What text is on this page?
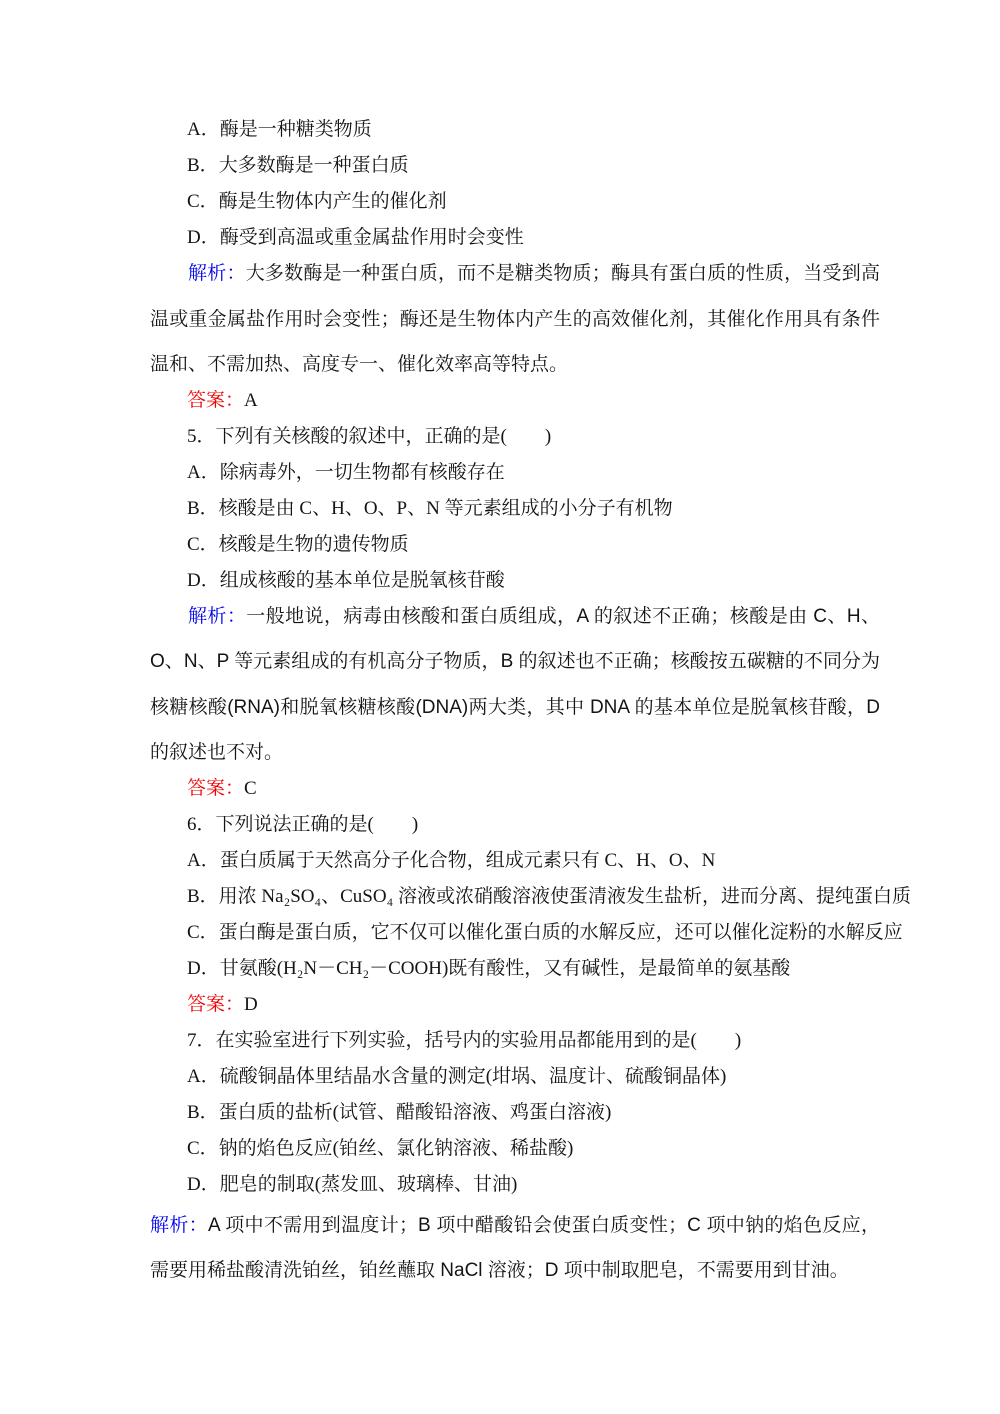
A．酶是一种糖类物质
B．大多数酶是一种蛋白质
C．酶是生物体内产生的催化剂
D．酶受到高温或重金属盐作用时会变性

解析：大多数酶是一种蛋白质，而不是糖类物质；酶具有蛋白质的性质，当受到高温或重金属盐作用时会变性；酶还是生物体内产生的高效催化剂，其催化作用具有条件温和、不需加热、高度专一、催化效率高等特点。

答案：A
5．下列有关核酸的叙述中，正确的是(　　)
A．除病毒外，一切生物都有核酸存在
B．核酸是由 C、H、O、P、N 等元素组成的小分子有机物
C．核酸是生物的遗传物质
D．组成核酸的基本单位是脱氧核苷酸

解析：一般地说，病毒由核酸和蛋白质组成，A 的叙述不正确；核酸是由 C、H、O、N、P 等元素组成的有机高分子物质，B 的叙述也不正确；核酸按五碳糖的不同分为核糖核酸(RNA)和脱氧核糖核酸(DNA)两大类，其中 DNA 的基本单位是脱氧核苷酸，D 的叙述也不对。

答案：C
6．下列说法正确的是(　　)
A．蛋白质属于天然高分子化合物，组成元素只有 C、H、O、N
B．用浓 Na₂SO₄、CuSO₄ 溶液或浓硝酸溶液使蛋清液发生盐析，进而分离、提纯蛋白质
C．蛋白酶是蛋白质，它不仅可以催化蛋白质的水解反应，还可以催化淀粉的水解反应
D．甘氨酸(H₂N－CH₂－COOH)既有酸性，又有碱性，是最简单的氨基酸
答案：D
7．在实验室进行下列实验，括号内的实验用品都能用到的是(　　)
A．硫酸铜晶体里结晶水含量的测定(坩埚、温度计、硫酸铜晶体)
B．蛋白质的盐析(试管、醋酸铅溶液、鸡蛋白溶液)
C．钠的焰色反应(铂丝、氯化钠溶液、稀盐酸)
D．肥皂的制取(蒸发皿、玻璃棒、甘油)

解析：A 项中不需用到温度计；B 项中醋酸铅会使蛋白质变性；C 项中钠的焰色反应，需要用稀盐酸清洗铂丝，铂丝蘸取 NaCl 溶液；D 项中制取肥皂，不需要用到甘油。
